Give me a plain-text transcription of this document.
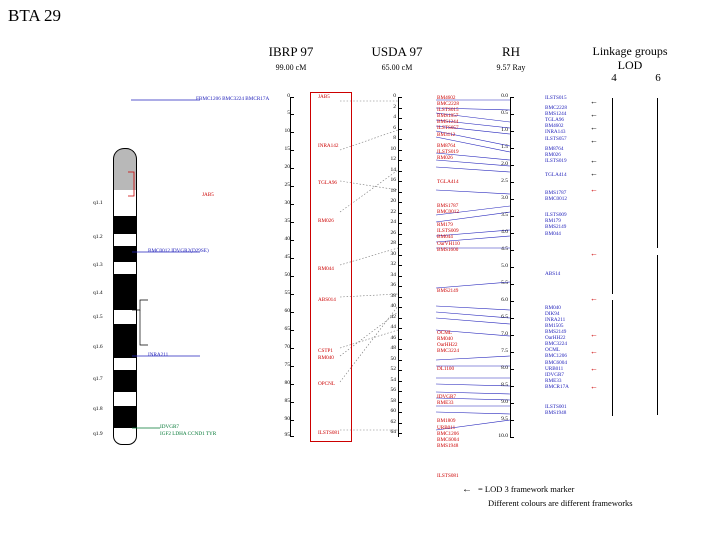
BTA 29
IBRP 97
99.00 cM
USDA 97
65.00 cM
RH
9.57 Ray
Linkage groups
LOD
4	6
q1.1
q1.2
q1.3
q1.4
q1.5
q1.6
q1.7
q1.8
q1.9
0
5
10
15
20
25
30
35
40
45
50
55
60
65
70
75
80
85
90
95
JAB5
INRA142
TGLA96
RM026
RM044
ABS014
CSTP1
RM040
OPCNL
ILSTS081
0
2
4
6
8
10
12
14
16
18
20
22
24
26
28
30
32
34
36
38
40
42
44
46
48
50
52
54
56
58
60
62
64
BM4602
BMC2228
ILSTS015
BMS1857
BMS1244
ILSTS057
BM3112
BM8764
ILSTS019
RM026
TGLA414
BMS1787
BMC0012
RM179
ILSTS009
BM044
OarVH110
BMS1600
BMS2149
OCML
RM040
OarHH22
BMC3224
DL1100
IDVGR7
RME33
BM1809
URB011
BMC1206
BMC6004
BMS1948
ILSTS081
0.0
0.5
1.0
1.5
2.0
2.5
3.0
3.5
4.0
4.5
5.0
5.5
6.0
6.5
7.0
7.5
8.0
8.5
9.0
9.5
10.0
ILSTS015
BMC2228
BMS1244
TGLA96
BM4602
INRA143
ILSTS057
BM8764
RM026
ILSTS019
TGLA414
BMS1787
BMC0012
ILSTS009
RM179
BMS2149
BM044
ABS14
RM040
DIK94
INRA211
BM1505
BMS2149
OarHH22
BMC3224
OCML
BMC1206
BMC6004
URB011
IDVGR7
RME33
BMCR17A
ILSTS001
BMS1948
←
←
←
←
←
←
←
←
←
←
←
←
←
FBMC1206 BMC3224 BMCR17A
JAB5
BMC0012 IDVGR2(D29SE)
INRA211
IDVGR7
IGF2 LDHA CCND1 TYR
← = LOD 3 framework marker
Different colours are different frameworks
